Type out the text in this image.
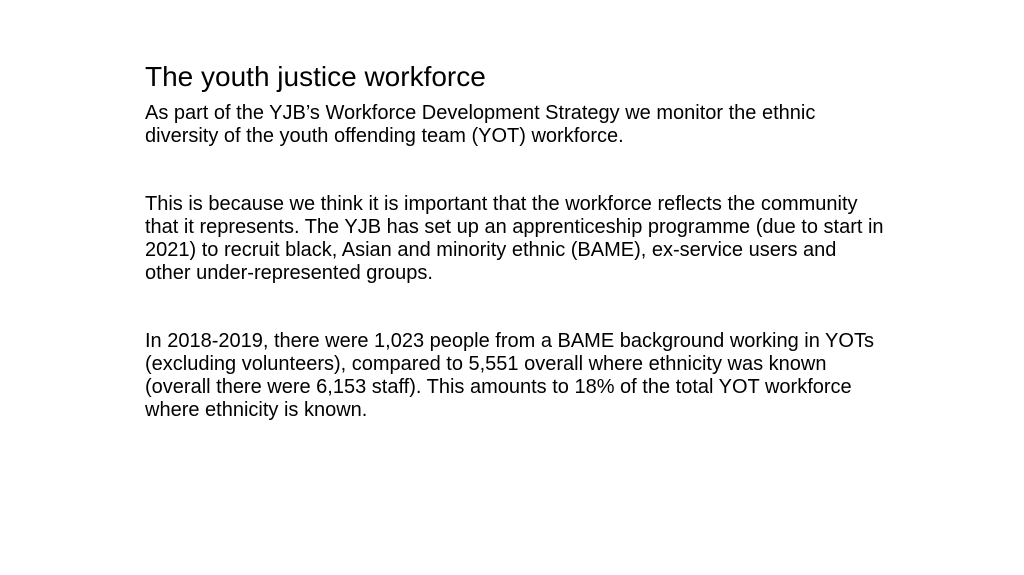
The youth justice workforce

As part of the YJB’s Workforce Development Strategy we monitor the ethnic diversity of the youth offending team (YOT) workforce.

This is because we think it is important that the workforce reflects the community that it represents. The YJB has set up an apprenticeship programme (due to start in 2021) to recruit black, Asian and minority ethnic (BAME), ex-service users and other under-represented groups.

In 2018-2019, there were 1,023 people from a BAME background working in YOTs (excluding volunteers), compared to 5,551 overall where ethnicity was known (overall there were 6,153 staff). This amounts to 18% of the total YOT workforce where ethnicity is known.
